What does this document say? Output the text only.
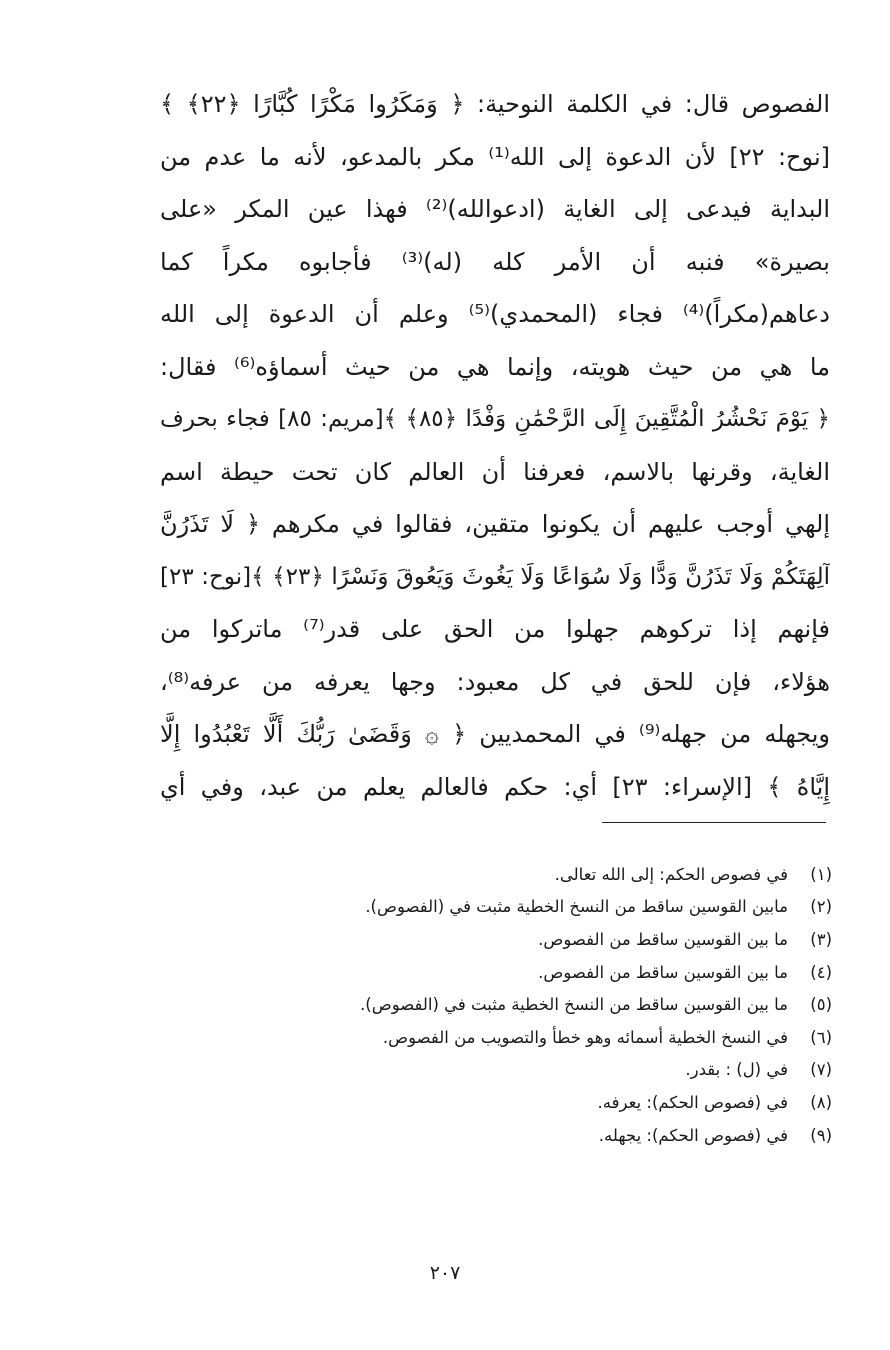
الفصوص قال: في الكلمة النوحية: ﴿ وَمَكَرُوا مَكْرًا كُبَّارًا ﴿٢٢﴾ ﴾
[نوح: ٢٢] لأن الدعوة إلى الله⁽¹⁾ مكر بالمدعو، لأنه ما عدم من
البداية فيدعى إلى الغاية (ادعوالله)⁽²⁾ فهذا عين المكر «على
بصيرة» فنبه أن الأمر كله (له)⁽³⁾ فأجابوه مكراً كما
دعاهم(مكراً)⁽⁴⁾ فجاء (المحمدي)⁽⁵⁾ وعلم أن الدعوة إلى الله
ما هي من حيث هويته، وإنما هي من حيث أسماؤه⁽⁶⁾ فقال:
﴿ يَوْمَ نَحْشُرُ الْمُتَّقِينَ إِلَى الرَّحْمَٰنِ وَفْدًا ﴿٨٥﴾ ﴾[مريم: ٨٥] فجاء بحرف
الغاية، وقرنها بالاسم، فعرفنا أن العالم كان تحت حيطة اسم
إلهي أوجب عليهم أن يكونوا متقين، فقالوا في مكرهم ﴿ لَا تَذَرُنَّ
آلِهَتَكُمْ وَلَا تَذَرُنَّ وَدًّا وَلَا سُوَاعًا وَلَا يَغُوثَ وَيَعُوقَ وَنَسْرًا ﴿٢٣﴾ ﴾[نوح: ٢٣]
فإنهم إذا تركوهم جهلوا من الحق على قدر⁽⁷⁾ ماتركوا من
هؤلاء، فإن للحق في كل معبود: وجها يعرفه من عرفه⁽⁸⁾،
ويجهله من جهله⁽⁹⁾ في المحمديين ﴿ ۞ وَقَضَىٰ رَبُّكَ أَلَّا تَعْبُدُوا إِلَّا
إِيَّاهُ ﴾ [الإسراء: ٢٣] أي: حكم فالعالم يعلم من عبد، وفي أي
(١)
في فصوص الحكم: إلى الله تعالى.
(٢)
مابين القوسين ساقط من النسخ الخطية مثبت في (الفصوص).
(٣)
ما بين القوسين ساقط من الفصوص.
(٤)
ما بين القوسين ساقط من الفصوص.
(٥)
ما بين القوسين ساقط من النسخ الخطية مثبت في (الفصوص).
(٦)
في النسخ الخطية أسمائه وهو خطأ والتصويب من الفصوص.
(٧)
في (ل) : بقدر.
(٨)
في (فصوص الحكم): يعرفه.
(٩)
في (فصوص الحكم): يجهله.
٢٠٧
